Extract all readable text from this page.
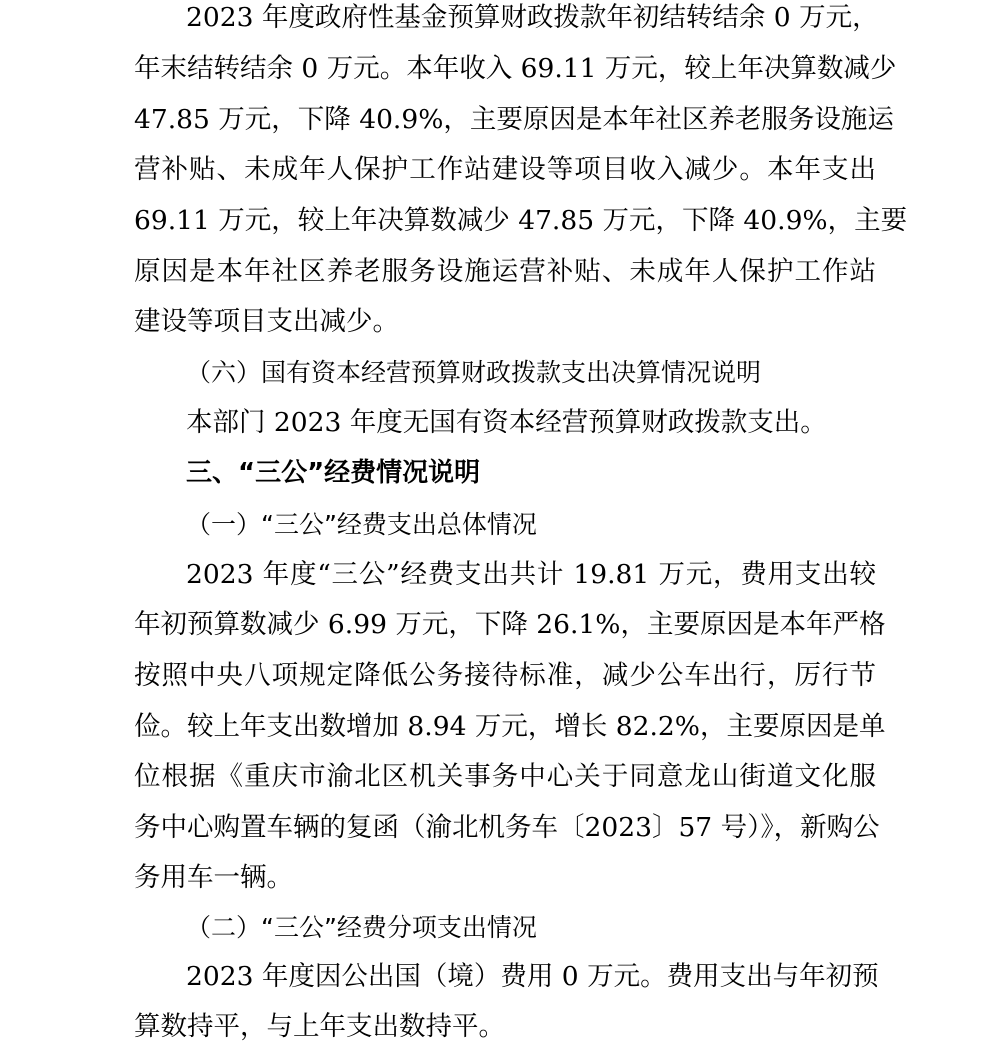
2023 年度政府性基金预算财政拨款年初结转结余 0 万元，
年末结转结余 0 万元。本年收入 69.11 万元，较上年决算数减少
47.85 万元，下降 40.9%，主要原因是本年社区养老服务设施运
营补贴、未成年人保护工作站建设等项目收入减少。本年支出
69.11 万元，较上年决算数减少 47.85 万元，下降 40.9%，主要
原因是本年社区养老服务设施运营补贴、未成年人保护工作站
建设等项目支出减少。
（六）国有资本经营预算财政拨款支出决算情况说明
本部门 2023 年度无国有资本经营预算财政拨款支出。
三、“三公”经费情况说明
（一）“三公”经费支出总体情况
2023 年度“三公”经费支出共计 19.81 万元，费用支出较
年初预算数减少 6.99 万元，下降 26.1%，主要原因是本年严格
按照中央八项规定降低公务接待标准，减少公车出行，厉行节
俭。较上年支出数增加 8.94 万元，增长 82.2%，主要原因是单
位根据《重庆市渝北区机关事务中心关于同意龙山街道文化服
务中心购置车辆的复函（渝北机务车〔2023〕57 号）》，新购公
务用车一辆。
（二）“三公”经费分项支出情况
2023 年度因公出国（境）费用 0 万元。费用支出与年初预
算数持平，与上年支出数持平。
